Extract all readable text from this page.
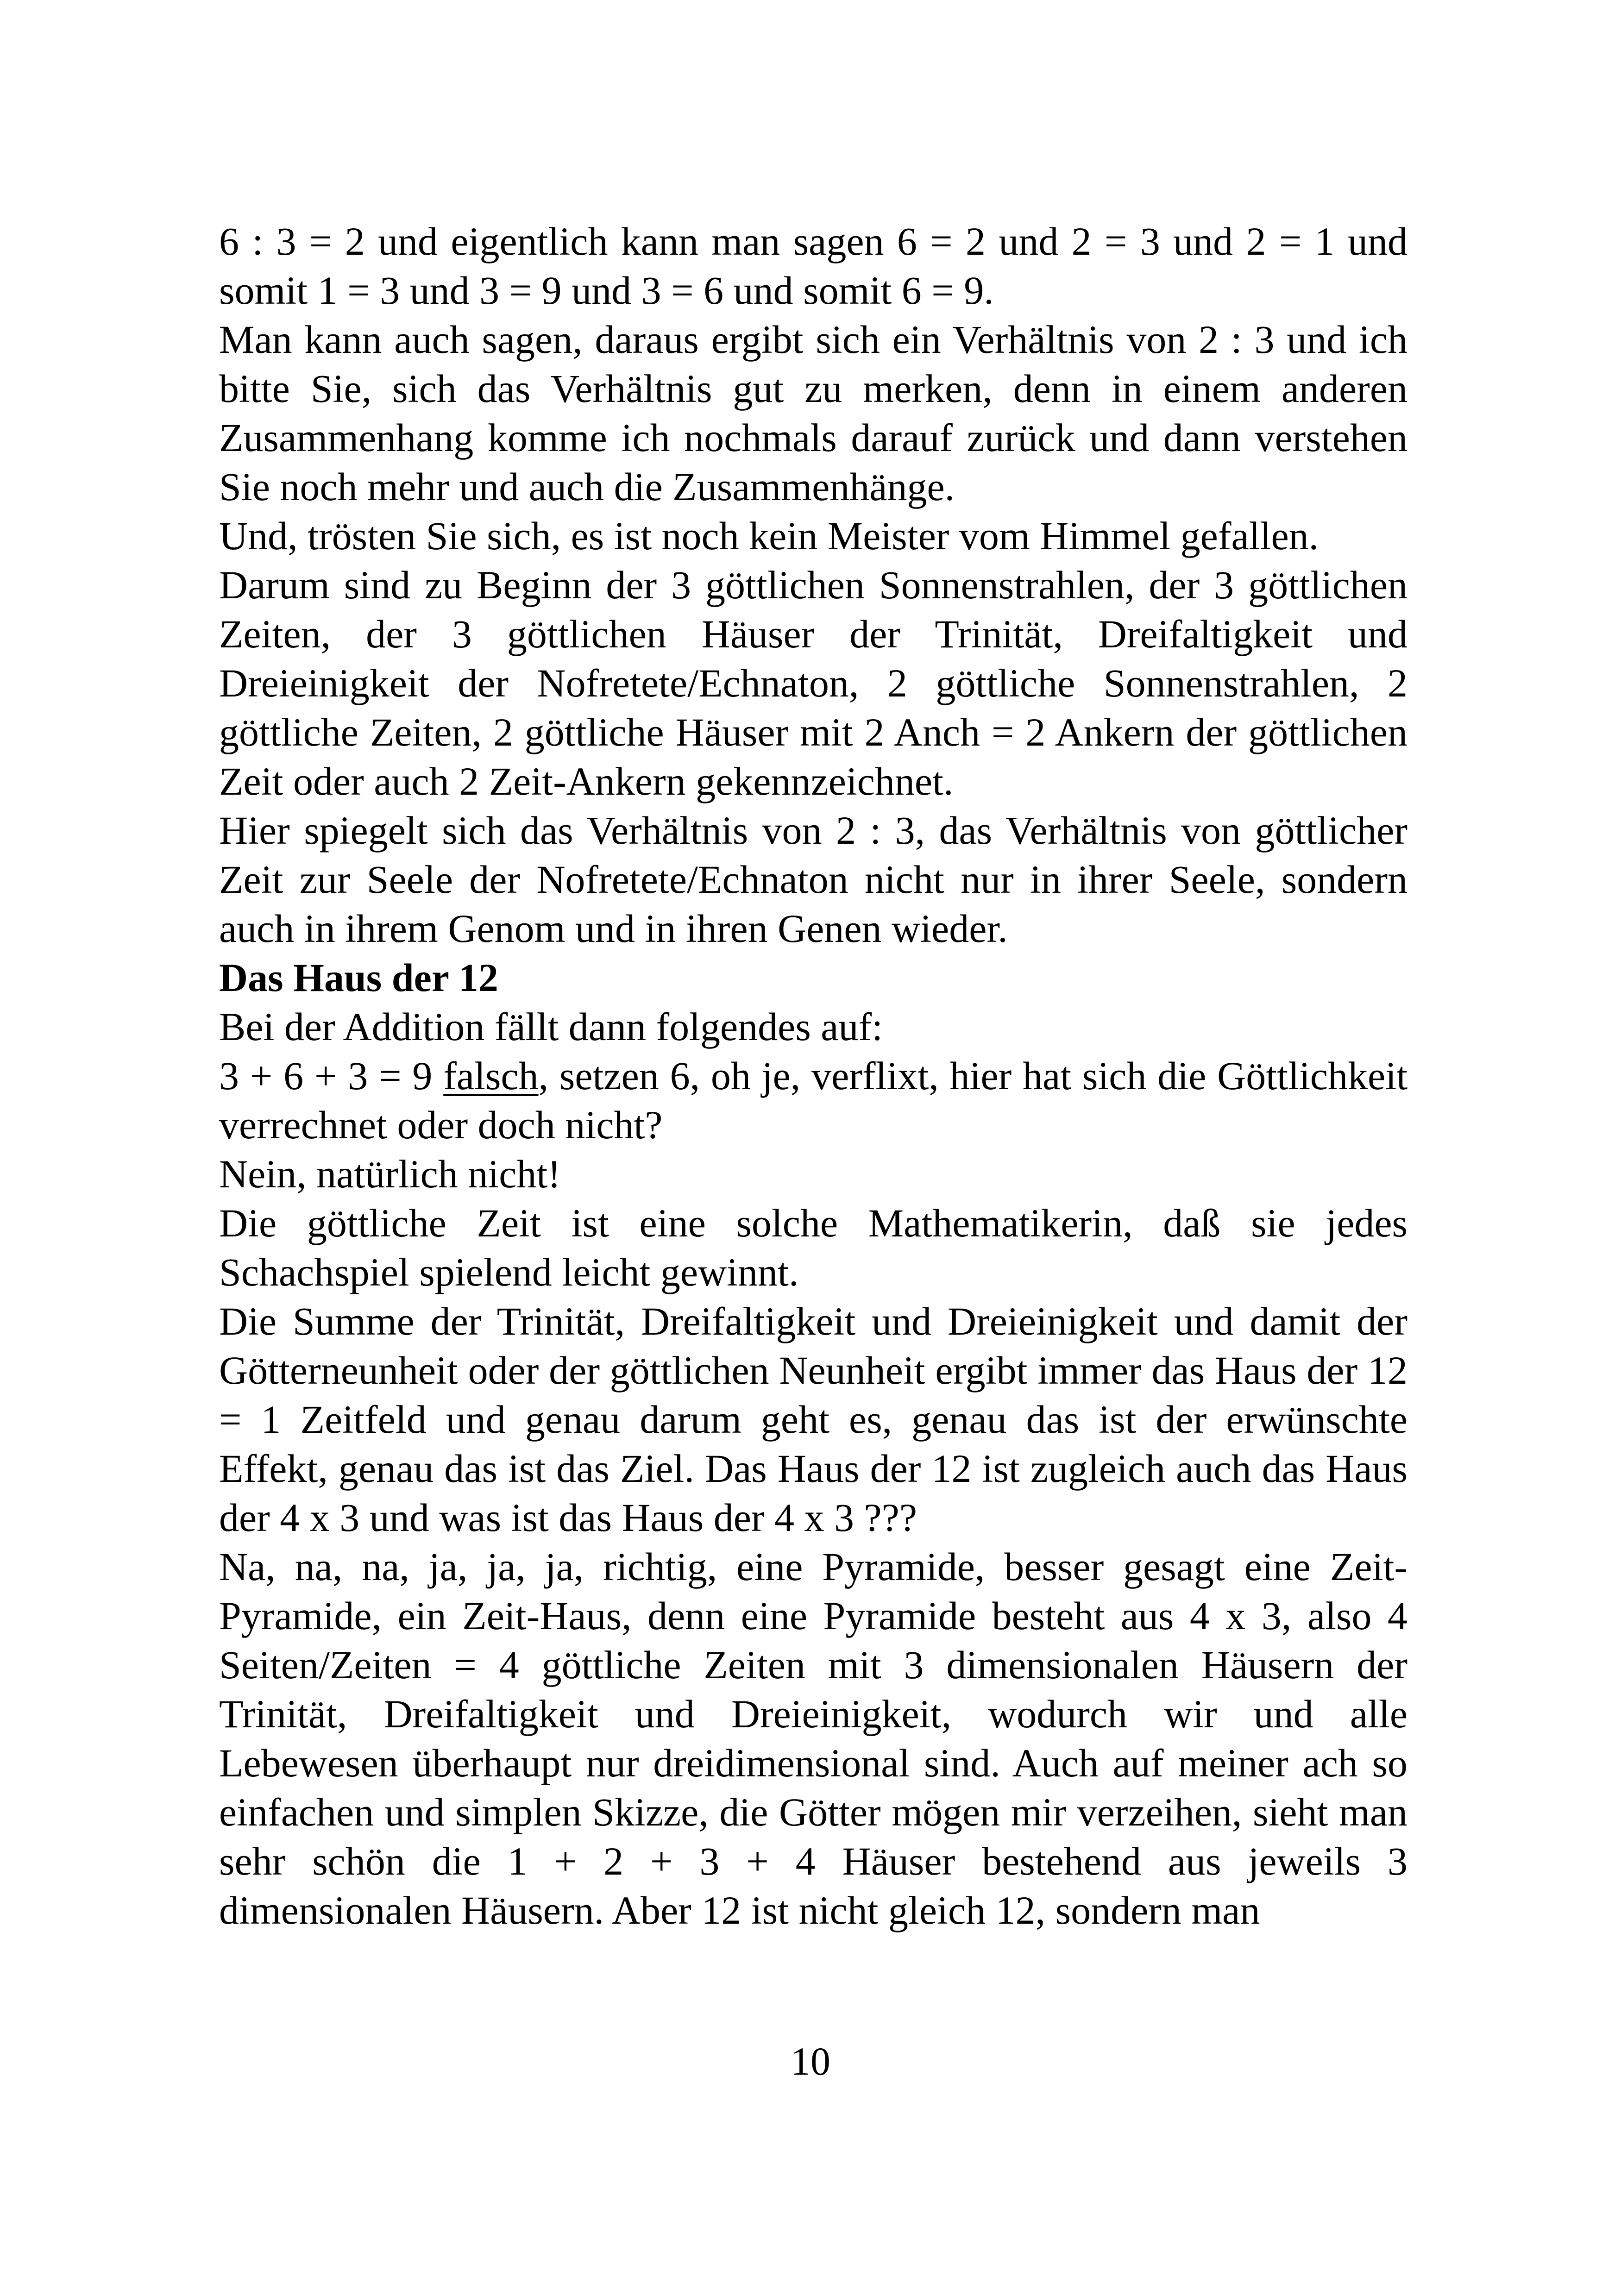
6 : 3 = 2 und eigentlich kann man sagen 6 = 2 und 2 = 3 und 2 = 1 und somit 1 = 3 und 3 = 9 und 3 = 6 und somit 6 = 9.

Man kann auch sagen, daraus ergibt sich ein Verhältnis von 2 : 3 und ich bitte Sie, sich das Verhältnis gut zu merken, denn in einem anderen Zusammenhang komme ich nochmals darauf zurück und dann verstehen Sie noch mehr und auch die Zusammenhänge.

Und, trösten Sie sich, es ist noch kein Meister vom Himmel gefallen.

Darum sind zu Beginn der 3 göttlichen Sonnenstrahlen, der 3 göttlichen Zeiten, der 3 göttlichen Häuser der Trinität, Dreifaltigkeit und Dreieinigkeit der Nofretete/Echnaton, 2 göttliche Sonnenstrahlen, 2 göttliche Zeiten, 2 göttliche Häuser mit 2 Anch = 2 Ankern der göttlichen Zeit oder auch 2 Zeit-Ankern gekennzeichnet.

Hier spiegelt sich das Verhältnis von 2 : 3, das Verhältnis von göttlicher Zeit zur Seele der Nofretete/Echnaton nicht nur in ihrer Seele, sondern auch in ihrem Genom und in ihren Genen wieder.

Das Haus der 12

Bei der Addition fällt dann folgendes auf:

3 + 6 + 3 = 9 falsch, setzen 6, oh je, verflixt, hier hat sich die Göttlichkeit verrechnet oder doch nicht?

Nein, natürlich nicht!

Die göttliche Zeit ist eine solche Mathematikerin, daß sie jedes Schachspiel spielend leicht gewinnt.

Die Summe der Trinität, Dreifaltigkeit und Dreieinigkeit und damit der Götterneunheit oder der göttlichen Neunheit ergibt immer das Haus der 12 = 1 Zeitfeld und genau darum geht es, genau das ist der erwünschte Effekt, genau das ist das Ziel. Das Haus der 12 ist zugleich auch das Haus der 4 x 3 und was ist das Haus der 4 x 3 ???

Na, na, na, ja, ja, ja, richtig, eine Pyramide, besser gesagt eine Zeit-Pyramide, ein Zeit-Haus, denn eine Pyramide besteht aus 4 x 3, also 4 Seiten/Zeiten = 4 göttliche Zeiten mit 3 dimensionalen Häusern der Trinität, Dreifaltigkeit und Dreieinigkeit, wodurch wir und alle Lebewesen überhaupt nur dreidimensional sind. Auch auf meiner ach so einfachen und simplen Skizze, die Götter mögen mir verzeihen, sieht man sehr schön die 1 + 2 + 3 + 4 Häuser bestehend aus jeweils 3 dimensionalen Häusern. Aber 12 ist nicht gleich 12, sondern man

10
